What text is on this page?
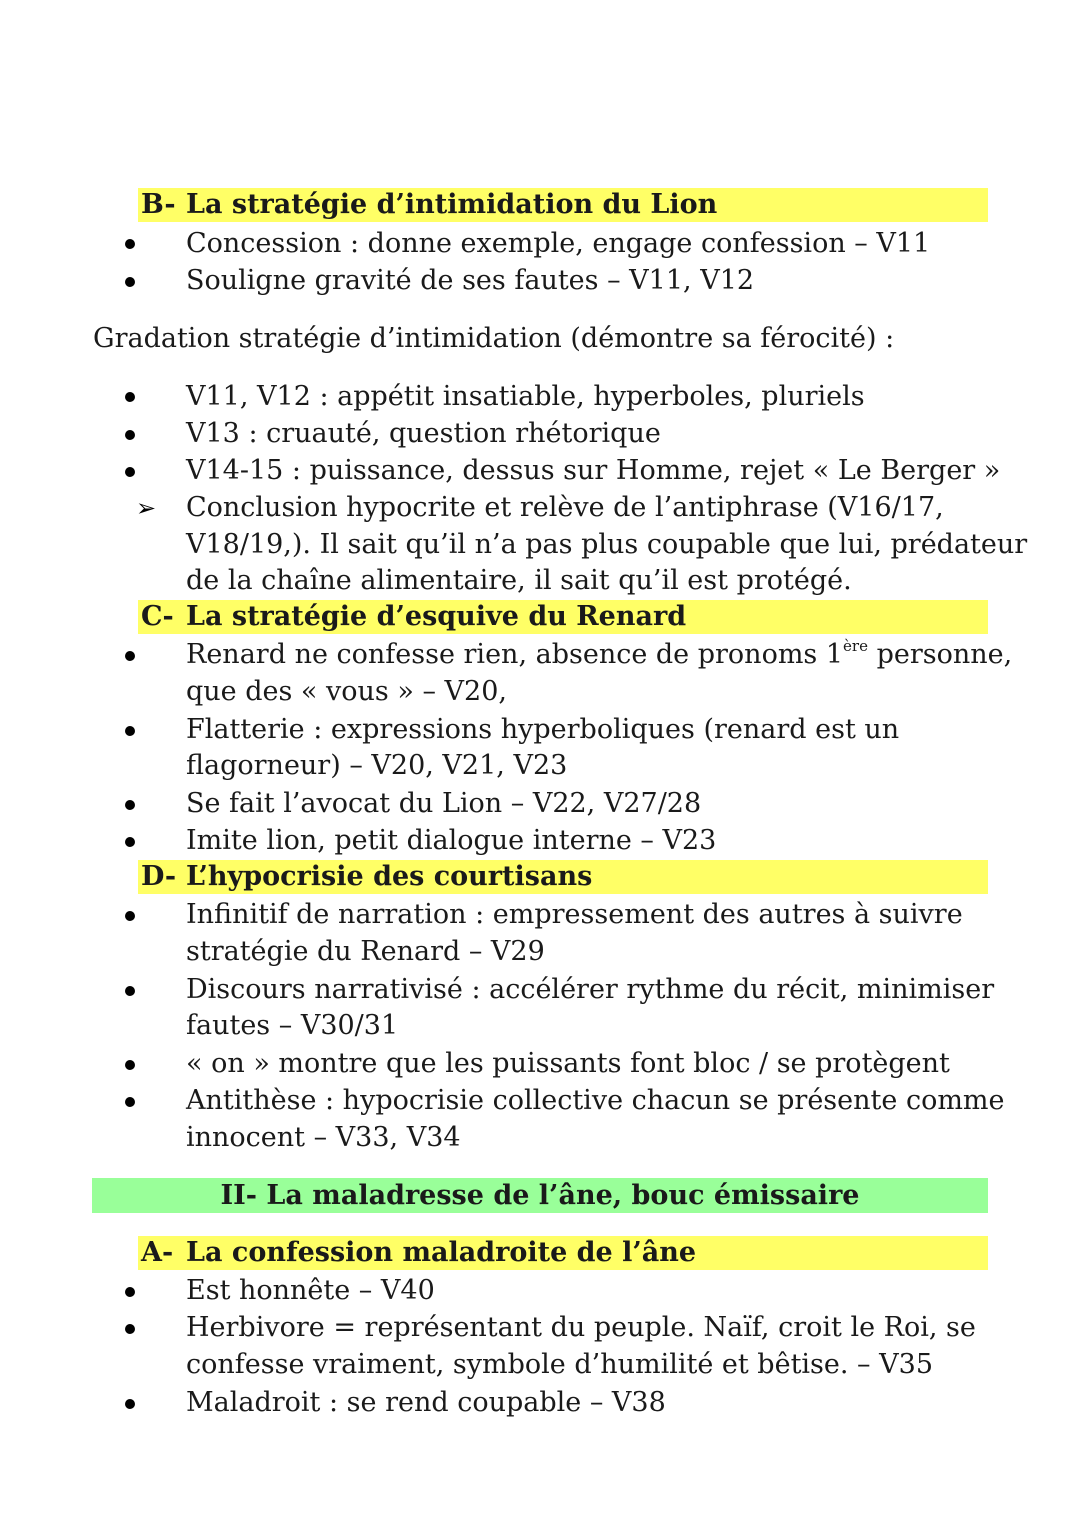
B- La stratégie d’intimidation du Lion
Concession : donne exemple, engage confession – V11
Souligne gravité de ses fautes – V11, V12
Gradation stratégie d’intimidation (démontre sa férocité) :
V11, V12 : appétit insatiable, hyperboles, pluriels
V13 : cruauté, question rhétorique
V14-15 : puissance, dessus sur Homme, rejet « Le Berger »
➢ Conclusion hypocrite et relève de l’antiphrase (V16/17,
V18/19,). Il sait qu’il n’a pas plus coupable que lui, prédateur
de la chaîne alimentaire, il sait qu’il est protégé.
C- La stratégie d’esquive du Renard
Renard ne confesse rien, absence de pronoms 1ère personne,
que des « vous » – V20,
Flatterie : expressions hyperboliques (renard est un
flagorneur) – V20, V21, V23
Se fait l’avocat du Lion – V22, V27/28
Imite lion, petit dialogue interne – V23
D- L’hypocrisie des courtisans
Infinitif de narration : empressement des autres à suivre
stratégie du Renard – V29
Discours narrativisé : accélérer rythme du récit, minimiser
fautes – V30/31
« on » montre que les puissants font bloc / se protègent
Antithèse : hypocrisie collective chacun se présente comme
innocent – V33, V34
II- La maladresse de l’âne, bouc émissaire
A- La confession maladroite de l’âne
Est honnête – V40
Herbivore = représentant du peuple. Naïf, croit le Roi, se
confesse vraiment, symbole d’humilité et bêtise. – V35
Maladroit : se rend coupable – V38
